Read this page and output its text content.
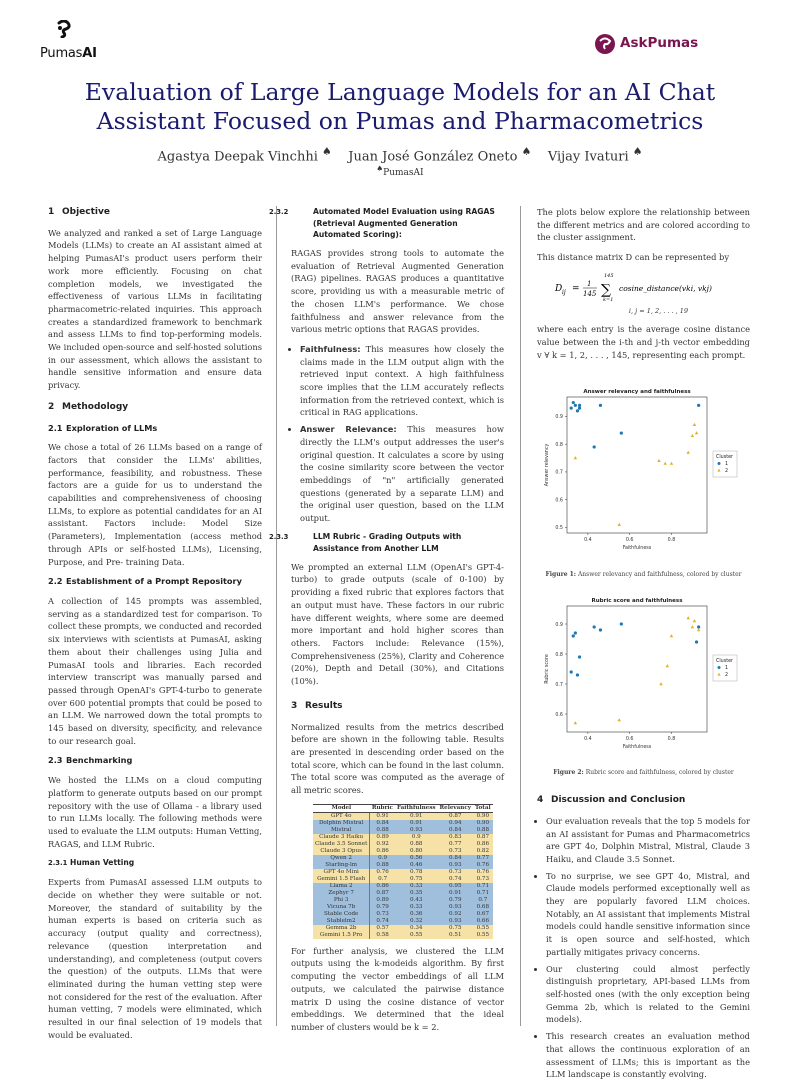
PumasAI
AskPumas
Evaluation of Large Language Models for an AI Chat
Assistant Focused on Pumas and Pharmacometrics
Agastya Deepak Vinchhi ♠ Juan José González Oneto ♠ Vijay Ivaturi ♠
♠PumasAI
1 Objective

We analyzed and ranked a set of Large Language Models (LLMs) to create an AI assistant aimed at helping PumasAI's product users perform their work more efficiently. Focusing on chat completion models, we investigated the effectiveness of various LLMs in facilitating pharmacometric-related inquiries. This approach creates a standardized framework to benchmark and assess LLMs to find top-performing models. We included open-source and self-hosted solutions in our assessment, which allows the assistant to handle sensitive information and ensure data privacy.

2 Methodology
2.1 Exploration of LLMs

We chose a total of 26 LLMs based on a range of factors that consider the LLMs' abilities, performance, feasibility, and robustness. These factors are a guide for us to understand the capabilities and comprehensiveness of choosing LLMs, to explore as potential candidates for an AI assistant. Factors include: Model Size (Parameters), Implementation (access method through APIs or self-hosted LLMs), Licensing, Purpose, and Pre- training Data.

2.2 Establishment of a Prompt Repository

A collection of 145 prompts was assembled, serving as a standardized test for comparison. To collect these prompts, we conducted and recorded six interviews with scientists at PumasAI, asking them about their challenges using Julia and PumasAI tools and libraries. Each recorded interview transcript was manually parsed and passed through OpenAI's GPT-4-turbo to generate over 600 potential prompts that could be posed to an LLM. We narrowed down the total prompts to 145 based on diversity, specificity, and relevance to our research goal.

2.3 Benchmarking

We hosted the LLMs on a cloud computing platform to generate outputs based on our prompt repository with the use of Ollama - a library used to run LLMs locally. The following methods were used to evaluate the LLM outputs: Human Vetting, RAGAS, and LLM Rubric.

2.3.1 Human Vetting

Experts from PumasAI assessed LLM outputs to decide on whether they were suitable or not. Moreover, the standard of suitability by the human experts is based on criteria such as accuracy (output quality and correctness), relevance (question interpretation and understanding), and completeness (output covers the question) of the outputs. LLMs that were eliminated during the human vetting step were not considered for the rest of the evaluation. After human vetting, 7 models were eliminated, which resulted in our final selection of 19 models that would be evaluated.

2.3.2	Automated Model Evaluation using RAGAS (Retrieval Augmented Generation Automated Scoring):

RAGAS provides strong tools to automate the evaluation of Retrieval Augmented Generation (RAG) pipelines. RAGAS produces a quantitative score, providing us with a measurable metric of the chosen LLM's performance. We chose faithfulness and answer relevance from the various metric options that RAGAS provides.

• Faithfulness: This measures how closely the claims made in the LLM output align with the retrieved input context. A high faithfulness score implies that the LLM accurately reflects information from the retrieved context, which is critical in RAG applications.
• Answer Relevance: This measures how directly the LLM's output addresses the user's original question. It calculates a score by using the cosine similarity score between the vector embeddings of "n" artificially generated questions (generated by a separate LLM) and the original user question, based on the LLM output.
2.3.3	LLM Rubric - Grading Outputs with Assistance from Another LLM

We prompted an external LLM (OpenAI's GPT-4-turbo) to grade outputs (scale of 0-100) by providing a fixed rubric that explores factors that an output must have. These factors in our rubric have different weights, where some are deemed more important and hold higher scores than others. Factors include: Relevance (15%), Comprehensiveness (25%), Clarity and Coherence (20%), Depth and Detail (30%), and Citations (10%).

3 Results

Normalized results from the metrics described before are shown in the following table. Results are presented in descending order based on the total score, which can be found in the last column. The total score was computed as the average of all metric scores.

Model	Rubric	Faithfulness	Relevancy	Total
GPT 4o	0.91	0.91	0.87	0.90
Dolphin Mistral	0.84	0.91	0.94	0.90
Mistral	0.88	0.93	0.84	0.88
Claude 3 Haiku	0.89	0.9	0.83	0.87
Claude 3.5 Sonnet	0.92	0.88	0.77	0.86
Claude 3 Opus	0.86	0.80	0.73	0.82
Qwen 2	0.9	0.56	0.84	0.77
Starling-lm	0.88	0.46	0.93	0.76
GPT 4o Mini	0.76	0.78	0.73	0.76
Gemini 1.5 Flash	0.7	0.75	0.74	0.73
Llama 2	0.86	0.33	0.95	0.71
Zephyr 7	0.87	0.35	0.91	0.71
Phi 3	0.89	0.43	0.79	0.7
Vicuna 7b	0.79	0.33	0.93	0.68
Stable Code	0.73	0.36	0.92	0.67
Stablelm2	0.74	0.32	0.93	0.66
Gemma 2b	0.57	0.34	0.75	0.55
Gemini 1.5 Pro	0.58	0.55	0.51	0.55

For further analysis, we clustered the LLM outputs using the k-modeids algorithm. By first computing the vector embeddings of all LLM outputs, we calculated the pairwise distance matrix D using the cosine distance of vector embeddings. We determined that the ideal number of clusters would be k = 2.

The plots below explore the relationship between the different metrics and are colored according to the cluster assignment.

This distance matrix D can be represented by

D ij = 1
145
145
∑
k=1
cosine_distance(vki, vkj)
i, j = 1, 2, . . . , 19

where each entry is the average cosine distance value between the i-th and j-th vector embedding v ∀ k = 1, 2, . . . , 145, representing each prompt.

Answer relevancy and faithfulness
0.4	0.6	0.8
0.5
0.6
0.7
0.8
0.9
Faithfulness
Answer relevancy	Cluster
1
2
Figure 1: Answer relevancy and faithfulness, colored by cluster
Rubric score and faithfulness
0.4	0.6	0.8
0.6
0.7
0.8
0.9
Faithfulness
Rubric score	Cluster
1
2
Figure 2: Rubric score and faithfulness, colored by cluster
4 Discussion and Conclusion
• Our evaluation reveals that the top 5 models for an AI assistant for Pumas and Pharmacometrics are GPT 4o, Dolphin Mistral, Mistral, Claude 3 Haiku, and Claude 3.5 Sonnet.
• To no surprise, we see GPT 4o, Mistral, and Claude models performed exceptionally well as they are popularly favored LLM choices. Notably, an AI assistant that implements Mistral models could handle sensitive information since it is open source and self-hosted, which partially mitigates privacy concerns.
• Our clustering could almost perfectly distinguish proprietary, API-based LLMs from self-hosted ones (with the only exception being Gemma 2b, which is related to the Gemini models).
• This research creates an evaluation method that allows the continuous exploration of an assessment of LLMs; this is important as the LLM landscape is constantly evolving.
